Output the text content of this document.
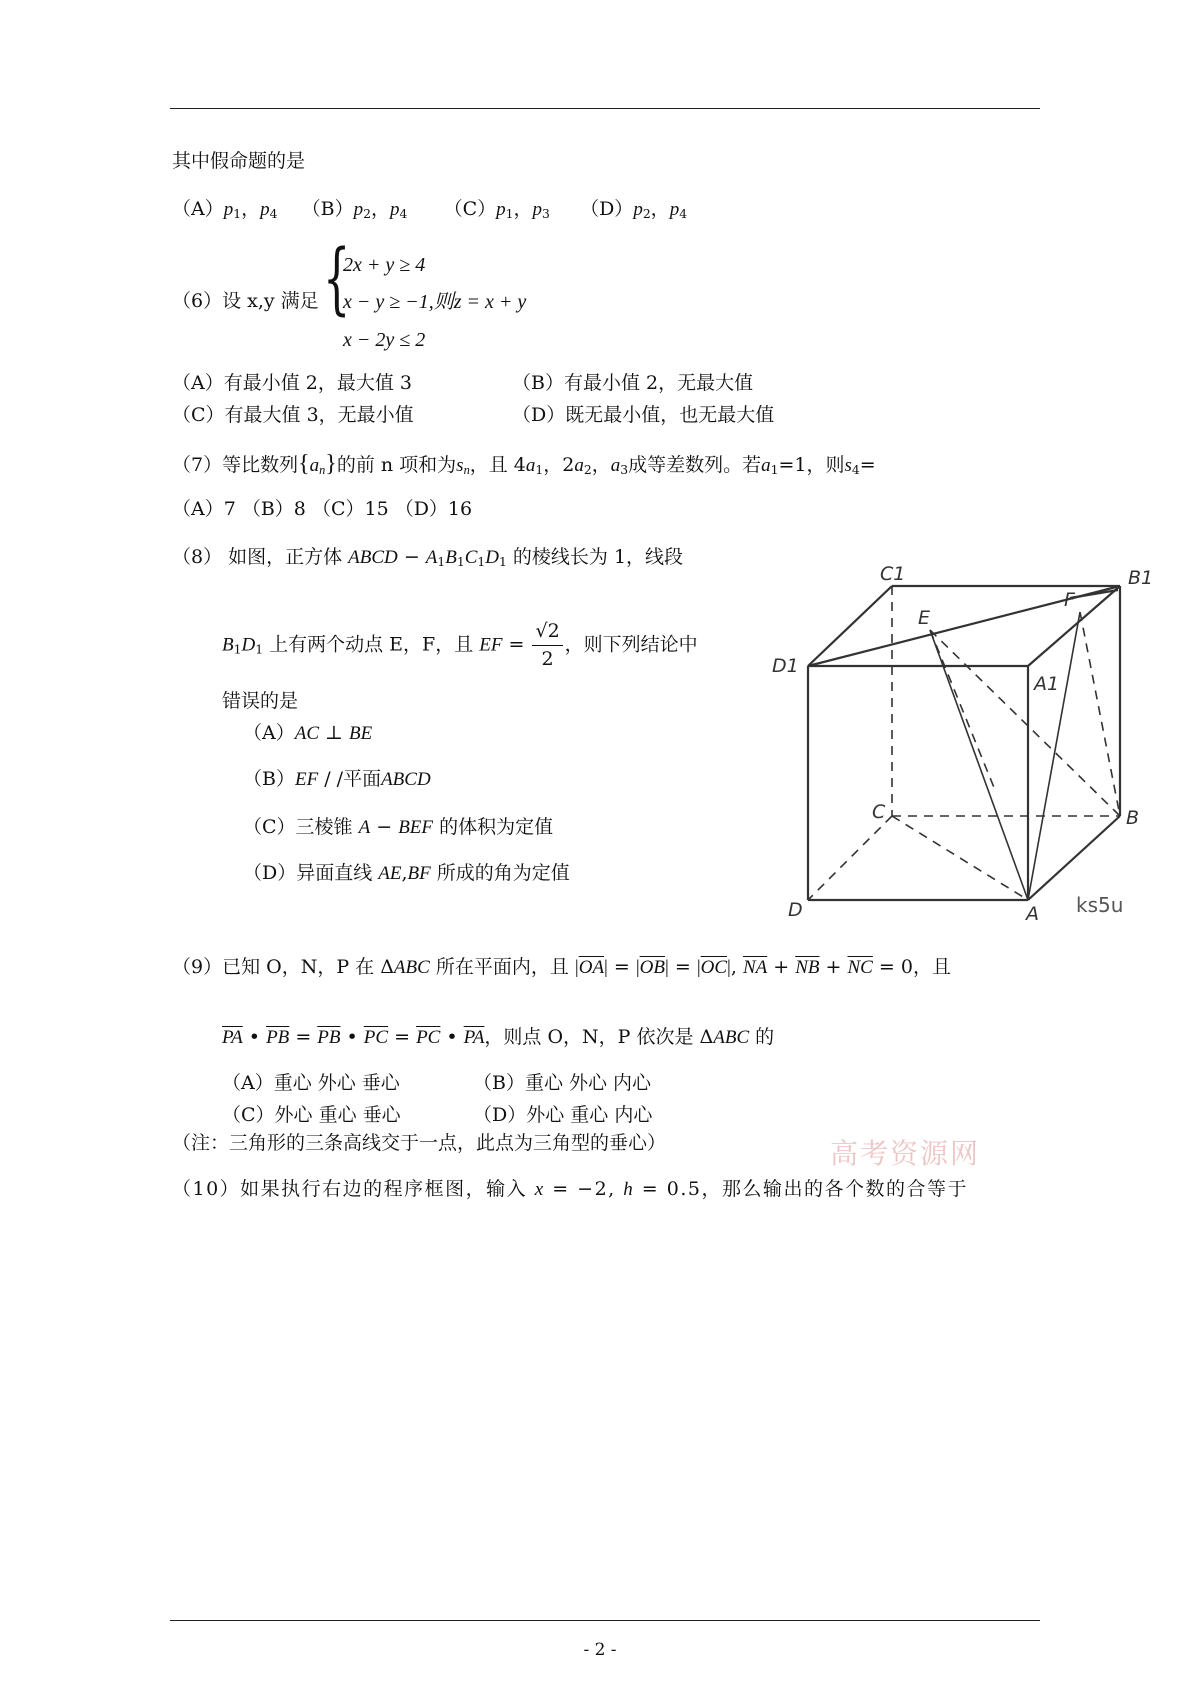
其中假命题的是
$(A)p_1$，$p_4$ $(B)p_2$，$p_4$ $(C)p_1$，$p_3$ $(D)p_2$，$p_4$
（6）设 x,y 满足 {
2x + y ≥ 4
x − y ≥ −1,则z = x + y
x − 2y ≤ 2
（A）有最小值 2，最大值 3	（B）有最小值 2，无最大值
（C）有最大值 3，无最小值	（D）既无最小值，也无最大值
（7）等比数列$\{a_n\}$的前 n 项和为$s_n$，且 $4a_1$，$2a_2$，$a_3$成等差数列。若$a_1=1$，则$s_4=$
（A）7 （B）8 （C）15 （D）16
（8） 如图，正方体 ABCD − $A_1B_1C_1D_1$ 的棱线长为 1，线段
$B_1D_1$ 上有两个动点 E，F，且 EF = $\frac{√2}{2}$ ，则下列结论中
错误的是
（A）AC ⊥ BE
（B）EF / /平面ABCD
（C）三棱锥 A − BEF 的体积为定值
（D）异面直线 AE,BF 所成的角为定值
C1	B1
E
F
D1
A1
C	B
D	A ks5u
（9）已知 O，N，P 在 ΔABC 所在平面内，且 $|\overline{OA}| = |\overline{OB}| = |\overline{OC}|$, $\overline{NA} + \overline{NB} + \overline{NC} = 0$，且
$\overline{PA}$ • $\overline{PB} = \overline{PB}$ • $\overline{PC} = \overline{PC}$ • $\overline{PA}$，则点 O，N，P 依次是 ΔABC 的
（A）重心 外心 垂心	（B）重心 外心 内心
（C）外心 重心 垂心	（D）外心 重心 内心
（注：三角形的三条高线交于一点，此点为三角型的垂心）	高考资源网
（10）如果执行右边的程序框图，输入 x = −2, h = 0.5，那么输出的各个数的合等于
- 2 -
